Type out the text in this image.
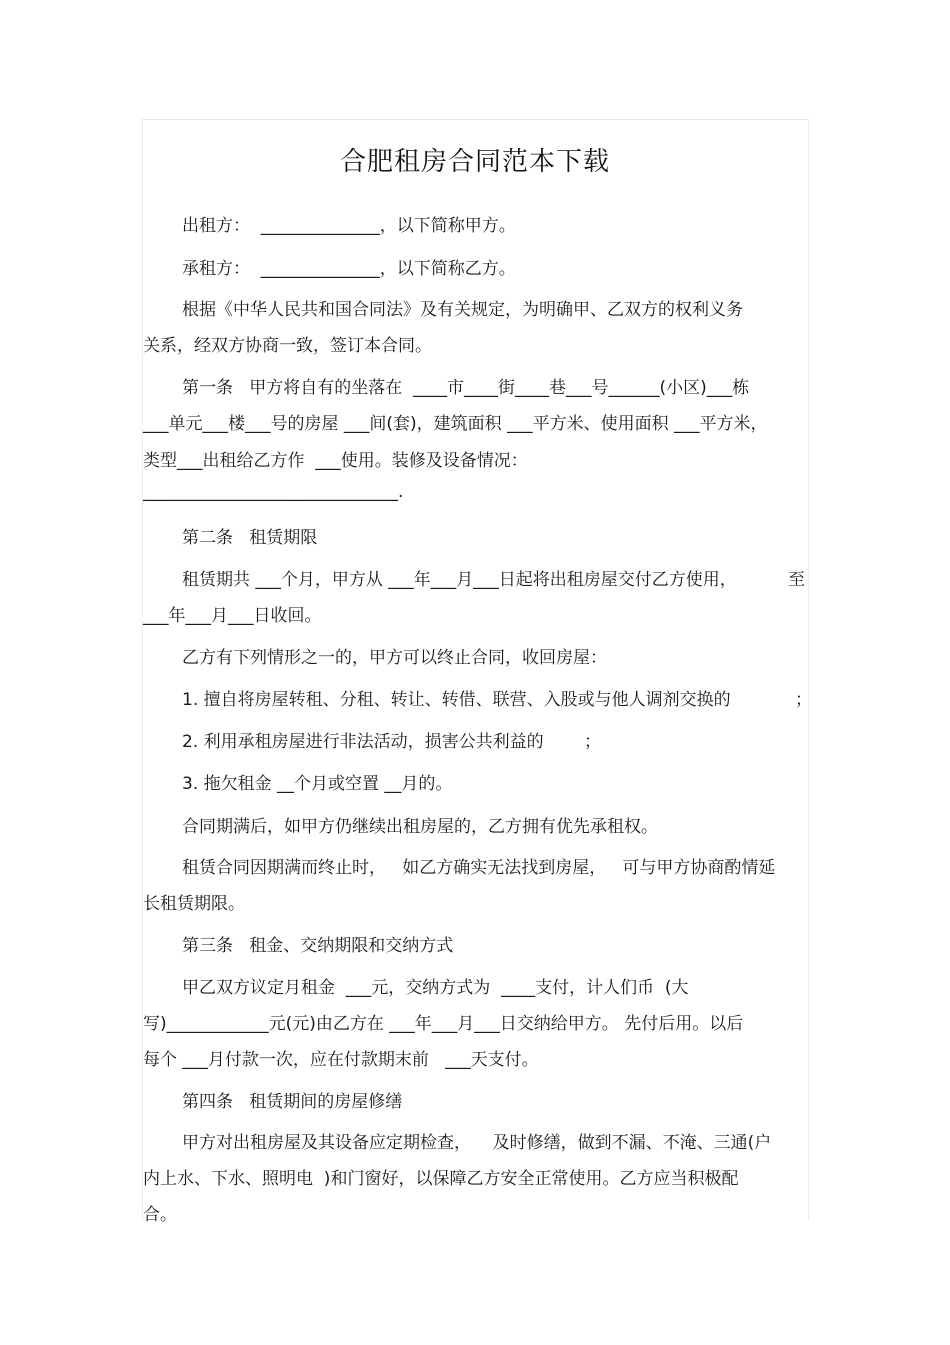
合肥租房合同范本下载
出租方：  ______________，以下简称甲方。
承租方：  ______________，以下简称乙方。
根据《中华人民共和国合同法》及有关规定，为明确甲、乙双方的权利义务
关系，经双方协商一致，签订本合同。
第一条   甲方将自有的坐落在  ____市____街____巷___号______(小区)___栋
___单元___楼___号的房屋 ___间(套)，建筑面积 ___平方米、使用面积 ___平方米，
类型___出租给乙方作  ___使用。装修及设备情况：
______________________________.
第二条   租赁期限
租赁期共 ___个月，甲方从 ___年___月___日起将出租房屋交付乙方使用，	至
___年___月___日收回。
乙方有下列情形之一的，甲方可以终止合同，收回房屋：
1. 擅自将房屋转租、分租、转让、转借、联营、入股或与他人调剂交换的	；
2. 利用承租房屋进行非法活动，损害公共利益的 ；
3. 拖欠租金 __个月或空置 __月的。
合同期满后，如甲方仍继续出租房屋的，乙方拥有优先承租权。
租赁合同因期满而终止时，   如乙方确实无法找到房屋，   可与甲方协商酌情延
长租赁期限。
第三条   租金、交纳期限和交纳方式
甲乙双方议定月租金  ___元，交纳方式为  ____支付，计人们币  (大
写)____________元(元)由乙方在 ___年___月___日交纳给甲方。 先付后用。以后
每个 ___月付款一次，应在付款期末前   ___天支付。
第四条   租赁期间的房屋修缮
甲方对出租房屋及其设备应定期检查，    及时修缮，做到不漏、不淹、三通(户
内上水、下水、照明电  )和门窗好，以保障乙方安全正常使用。乙方应当积极配
合。
